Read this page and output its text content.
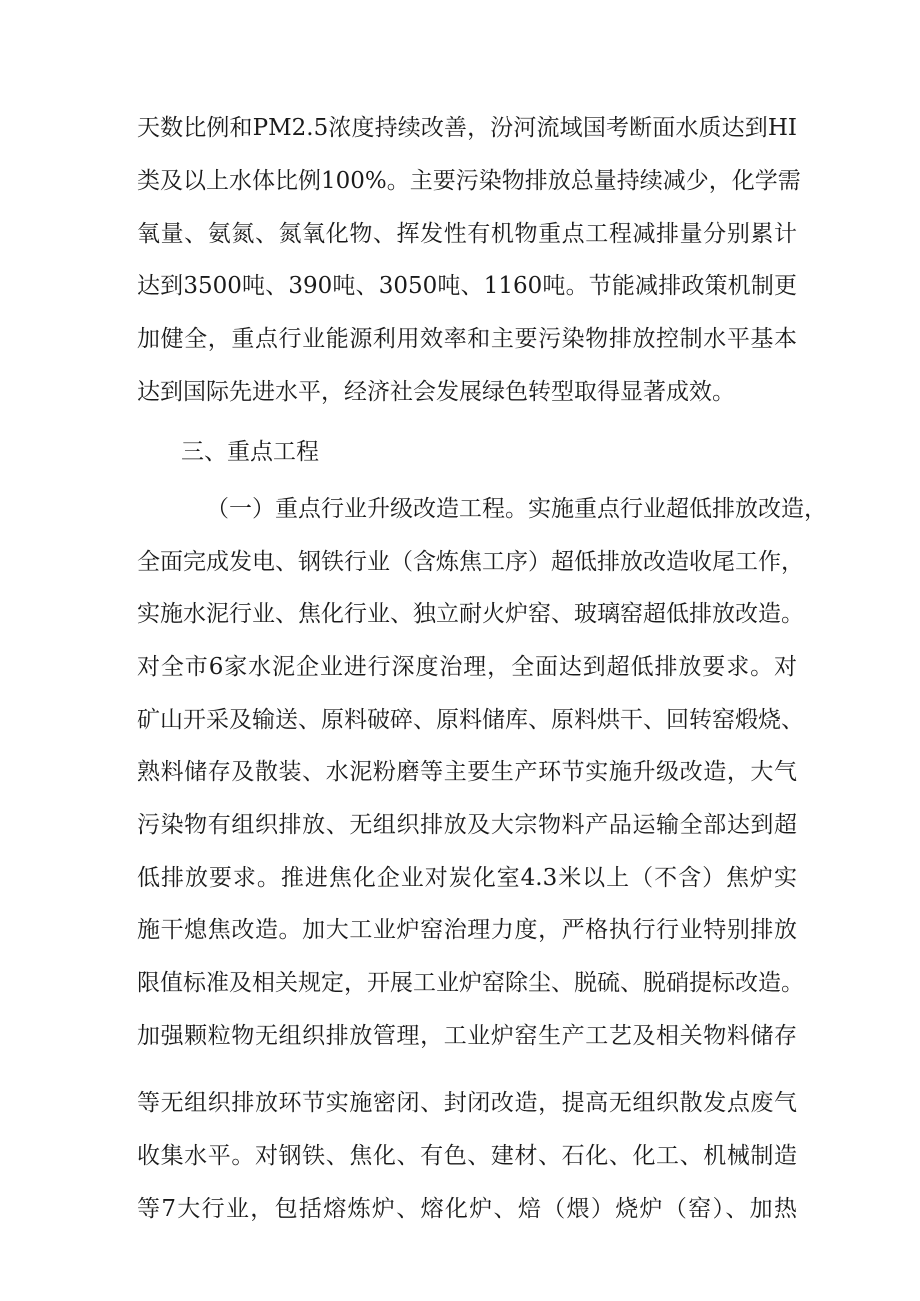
天数比例和PM2.5浓度持续改善，汾河流域国考断面水质达到HI
类及以上水体比例100%。主要污染物排放总量持续减少，化学需
氧量、氨氮、氮氧化物、挥发性有机物重点工程减排量分别累计
达到3500吨、390吨、3050吨、1160吨。节能减排政策机制更
加健全，重点行业能源利用效率和主要污染物排放控制水平基本
达到国际先进水平，经济社会发展绿色转型取得显著成效。
三、重点工程
（一）重点行业升级改造工程。实施重点行业超低排放改造，
全面完成发电、钢铁行业（含炼焦工序）超低排放改造收尾工作，
实施水泥行业、焦化行业、独立耐火炉窑、玻璃窑超低排放改造。
对全市6家水泥企业进行深度治理，全面达到超低排放要求。对
矿山开采及输送、原料破碎、原料储库、原料烘干、回转窑煅烧、
熟料储存及散装、水泥粉磨等主要生产环节实施升级改造，大气
污染物有组织排放、无组织排放及大宗物料产品运输全部达到超
低排放要求。推进焦化企业对炭化室4.3米以上（不含）焦炉实
施干熄焦改造。加大工业炉窑治理力度，严格执行行业特别排放
限值标准及相关规定，开展工业炉窑除尘、脱硫、脱硝提标改造。
加强颗粒物无组织排放管理，工业炉窑生产工艺及相关物料储存
等无组织排放环节实施密闭、封闭改造，提高无组织散发点废气
收集水平。对钢铁、焦化、有色、建材、石化、化工、机械制造
等7大行业，包括熔炼炉、熔化炉、焙（煨）烧炉（窑）、加热
